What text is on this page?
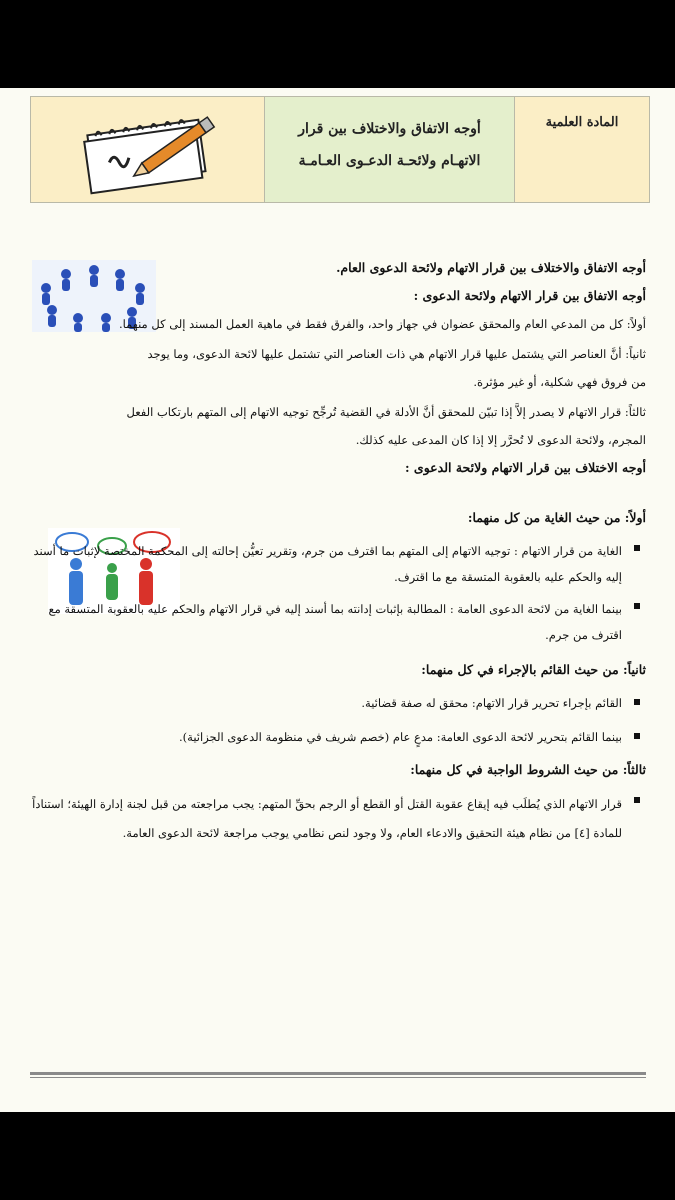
المادة العلمية
أوجه الاتفاق والاختلاف بين قرار
الاتهـام ولائحـة الدعـوى العـامـة

أوجه الاتفاق والاختلاف بين قرار الاتهام ولائحة الدعوى العام.

أوجه الاتفاق بين قرار الاتهام ولائحة الدعوى :

أولاً: كل من المدعي العام والمحقق عضوان في جهاز واحد، والفرق فقط في ماهية العمل المسند إلى كل منهما.

ثانياً: أنَّ العناصر التي يشتمل عليها قرار الاتهام هي ذات العناصر التي تشتمل عليها لائحة الدعوى، وما يوجد

من فروق فهي شكلية، أو غير مؤثرة.

ثالثاً: قرار الاتهام لا يصدر إلاَّ إذا تبيّن للمحقق أنَّ الأدلة في القضية تُرجِّح توجيه الاتهام إلى المتهم بارتكاب الفعل

المجرم، ولائحة الدعوى لا تُحرَّر إلا إذا كان المدعى عليه كذلك.

أوجه الاختلاف بين قرار الاتهام ولائحة الدعوى :

أولاً: من حيث الغاية من كل منهما:

الغاية من قرار الاتهام : توجيه الاتهام إلى المتهم بما اقترف من جرم، وتقرير تعيُّن إحالته إلى المحكمة المختصة لإثبات ما أسند إليه والحكم عليه بالعقوبة المتسقة مع ما اقترف.
بينما الغاية من لائحة الدعوى العامة : المطالبة بإثبات إدانته بما أسند إليه في قرار الاتهام والحكم عليه بالعقوبة المتسقة مع اقترف من جرم.

ثانياً: من حيث القائم بالإجراء في كل منهما:

القائم بإجراء تحرير قرار الاتهام: محقق له صفة قضائية.
بينما القائم بتحرير لائحة الدعوى العامة: مدعٍ عام (خصم شريف في منظومة الدعوى الجزائية).

ثالثاً: من حيث الشروط الواجبة في كل منهما:

قرار الاتهام الذي يُطلَب فيه إيقاع عقوبة القتل أو القطع أو الرجم بحقِّ المتهم: يجب مراجعته من قبل لجنة إدارة الهيئة؛ استناداً للمادة [٤] من نظام هيئة التحقيق والادعاء العام، ولا وجود لنص نظامي يوجب مراجعة لائحة الدعوى العامة.
